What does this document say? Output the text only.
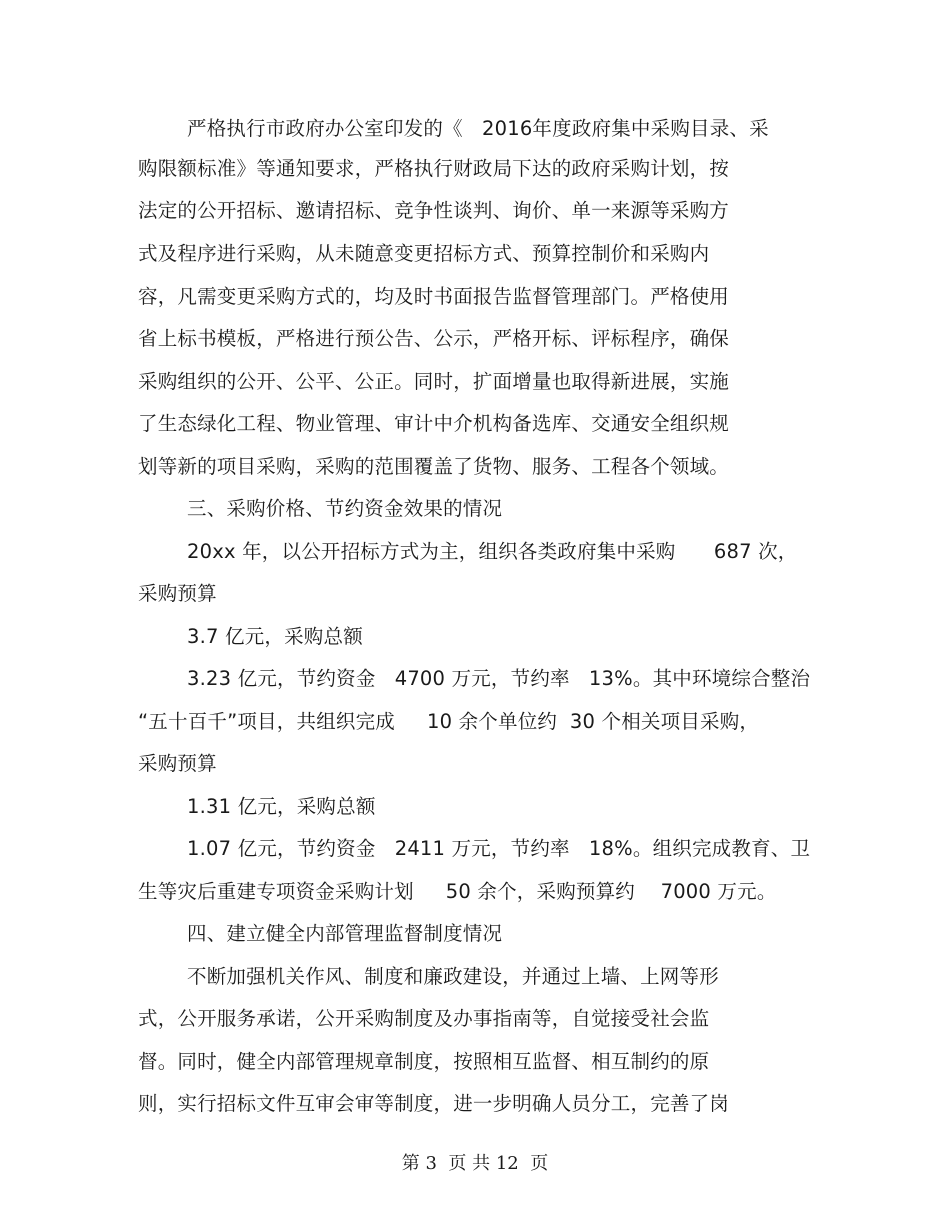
严格执行市政府办公室印发的《   2016年度政府集中采购目录、采
购限额标准》等通知要求，严格执行财政局下达的政府采购计划，按
法定的公开招标、邀请招标、竞争性谈判、询价、单一来源等采购方
式及程序进行采购，从未随意变更招标方式、预算控制价和采购内
容，凡需变更采购方式的，均及时书面报告监督管理部门。严格使用
省上标书模板，严格进行预公告、公示，严格开标、评标程序，确保
采购组织的公开、公平、公正。同时，扩面增量也取得新进展，实施
了生态绿化工程、物业管理、审计中介机构备选库、交通安全组织规
划等新的项目采购，采购的范围覆盖了货物、服务、工程各个领域。
三、采购价格、节约资金效果的情况
20xx 年，以公开招标方式为主，组织各类政府集中采购      687 次，
采购预算
3.7 亿元，采购总额
3.23 亿元，节约资金   4700 万元，节约率   13%。其中环境综合整治
“五十百千”项目，共组织完成     10 余个单位约  30 个相关项目采购，
采购预算
1.31 亿元，采购总额
1.07 亿元，节约资金   2411 万元，节约率   18%。组织完成教育、卫
生等灾后重建专项资金采购计划     50 余个，采购预算约    7000 万元。
四、建立健全内部管理监督制度情况
不断加强机关作风、制度和廉政建设，并通过上墙、上网等形
式，公开服务承诺，公开采购制度及办事指南等，自觉接受社会监
督。同时，健全内部管理规章制度，按照相互监督、相互制约的原
则，实行招标文件互审会审等制度，进一步明确人员分工，完善了岗
第 3  页 共 12  页
